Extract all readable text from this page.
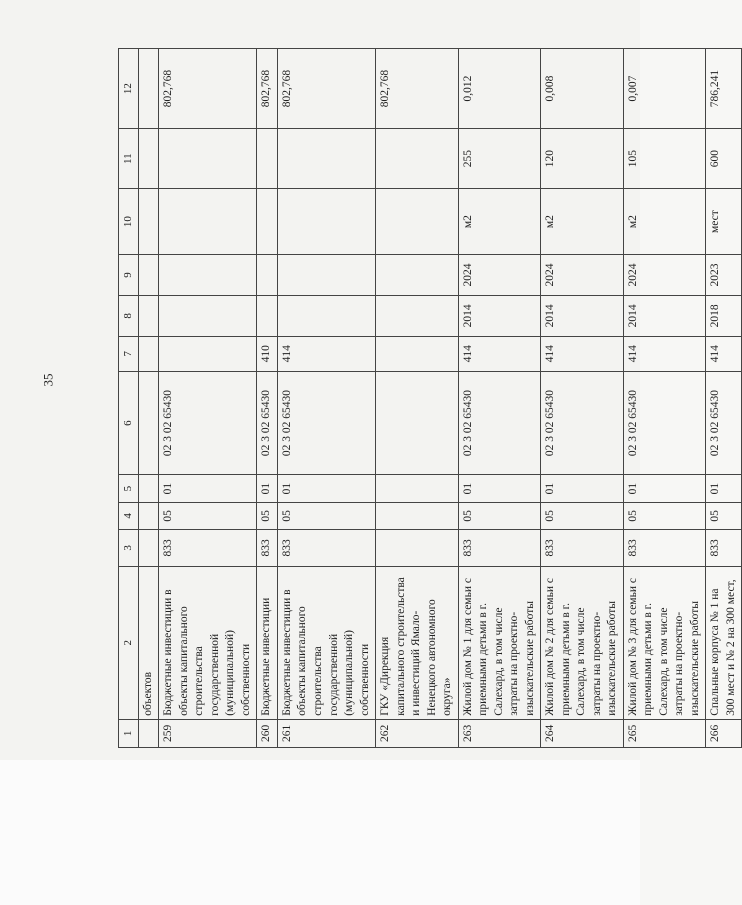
35
1	2	3	4	5	6	7	8	9	10	11	12
	объектов										
259	Бюджетные инвестиции в объекты капитального строительства государственной (муниципальной) собственности	833	05	01	02 3 02 65430						802,768
260	Бюджетные инвестиции	833	05	01	02 3 02 65430	410					802,768
261	Бюджетные инвестиции в объекты капитального строительства государственной (муниципальной) собственности	833	05	01	02 3 02 65430	414					802,768
262	ГКУ «Дирекция капитального строительства и инвестиций Ямало-Ненецкого автономного округа»										802,768
263	Жилой дом № 1 для семьи с приемными детьми в г. Салехард, в том числе затраты на проектно-изыскательские работы	833	05	01	02 3 02 65430	414	2014	2024	м2	255	0,012
264	Жилой дом № 2 для семьи с приемными детьми в г. Салехард, в том числе затраты на проектно-изыскательские работы	833	05	01	02 3 02 65430	414	2014	2024	м2	120	0,008
265	Жилой дом № 3 для семьи с приемными детьми в г. Салехард, в том числе затраты на проектно-изыскательские работы	833	05	01	02 3 02 65430	414	2014	2024	м2	105	0,007
266	Спальные корпуса № 1 на 300 мест и № 2 на 300 мест,	833	05	01	02 3 02 65430	414	2018	2023	мест	600	786,241
